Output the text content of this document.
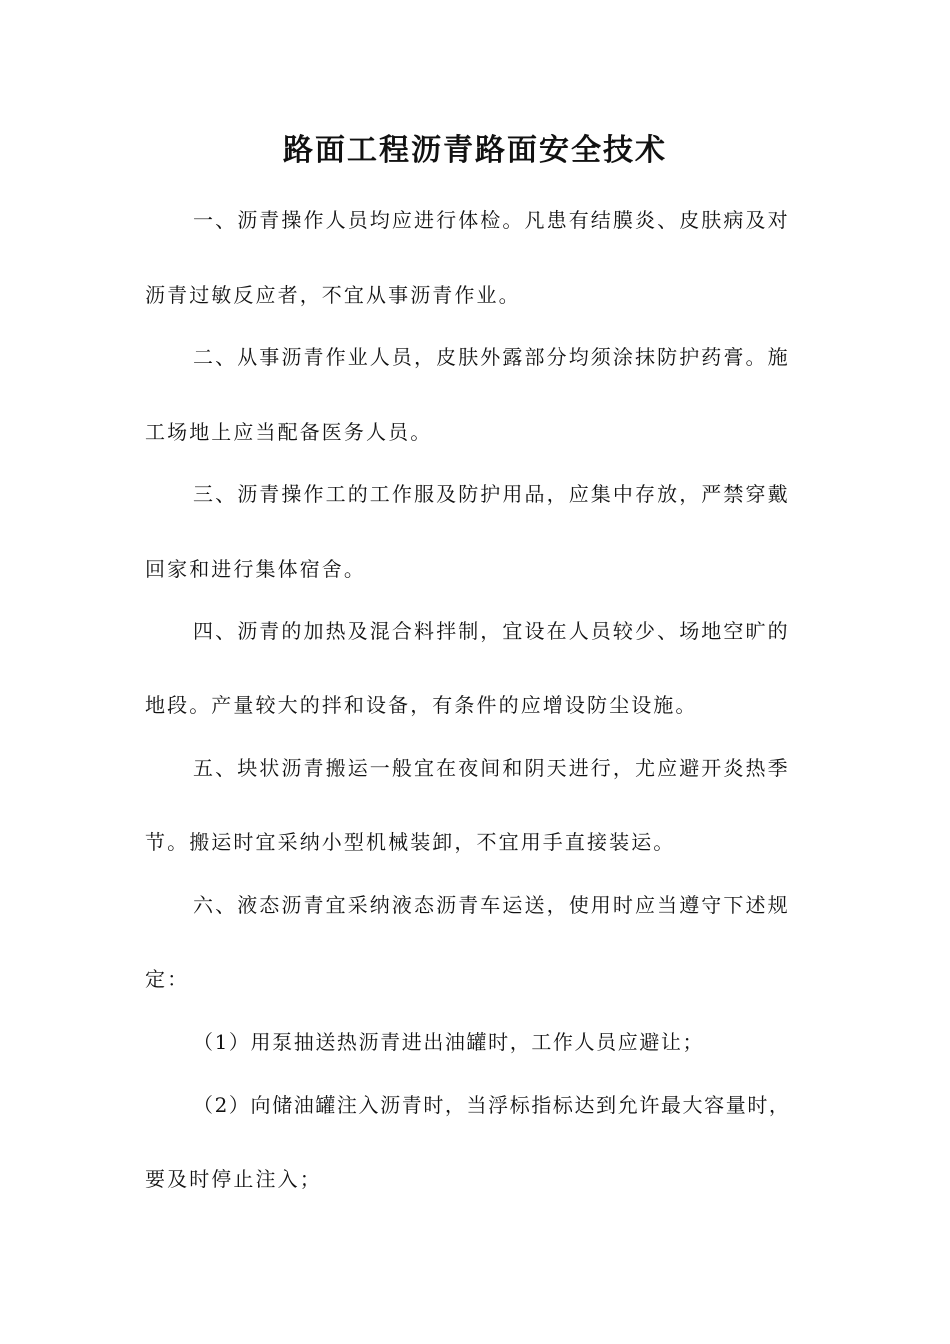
路面工程沥青路面安全技术
一、沥青操作人员均应进行体检。凡患有结膜炎、皮肤病及对
沥青过敏反应者，不宜从事沥青作业。
二、从事沥青作业人员，皮肤外露部分均须涂抹防护药膏。施
工场地上应当配备医务人员。
三、沥青操作工的工作服及防护用品，应集中存放，严禁穿戴
回家和进行集体宿舍。
四、沥青的加热及混合料拌制，宜设在人员较少、场地空旷的
地段。产量较大的拌和设备，有条件的应增设防尘设施。
五、块状沥青搬运一般宜在夜间和阴天进行，尤应避开炎热季
节。搬运时宜采纳小型机械装卸，不宜用手直接装运。
六、液态沥青宜采纳液态沥青车运送，使用时应当遵守下述规
定：
（1）用泵抽送热沥青进出油罐时，工作人员应避让；
（2）向储油罐注入沥青时，当浮标指标达到允许最大容量时，
要及时停止注入；
